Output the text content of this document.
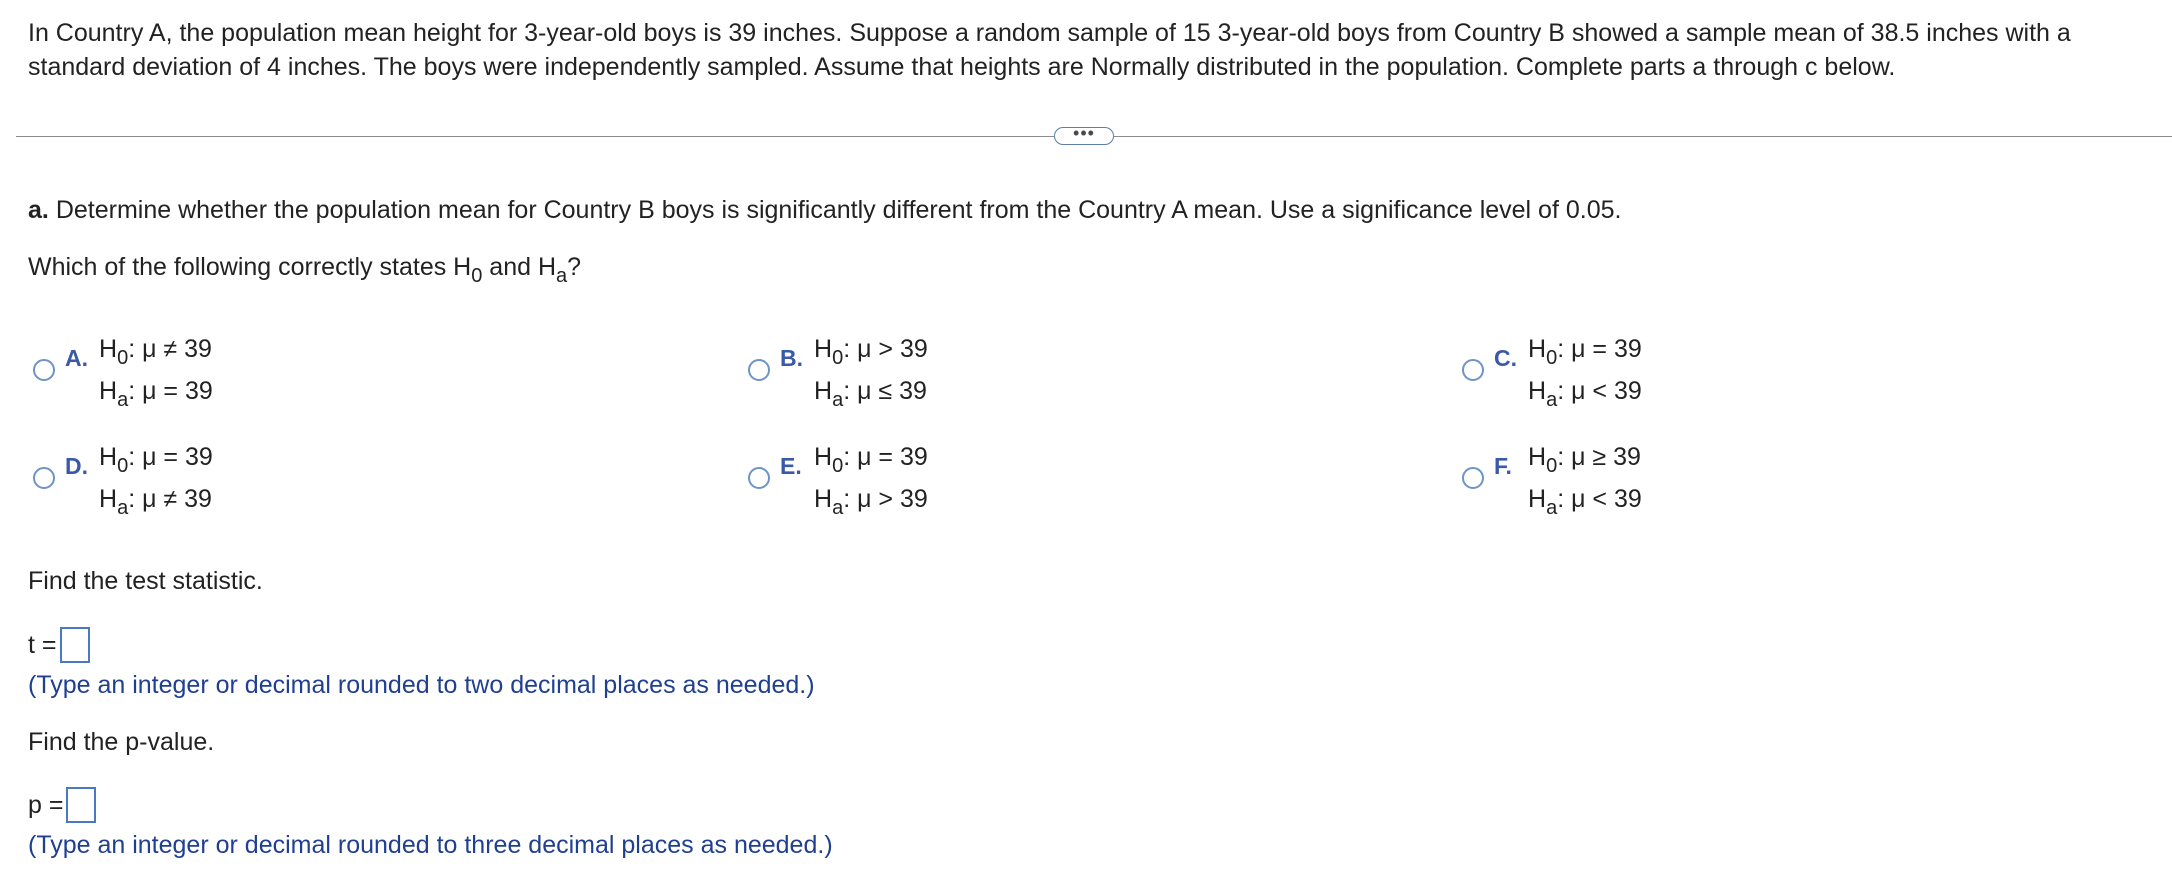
In Country A, the population mean height for 3-year-old boys is 39 inches. Suppose a random sample of 15 3-year-old boys from Country B showed a sample mean of 38.5 inches with a standard deviation of 4 inches. The boys were independently sampled. Assume that heights are Normally distributed in the population. Complete parts a through c below.

•••

a. Determine whether the population mean for Country B boys is significantly different from the Country A mean. Use a significance level of 0.05.

Which of the following correctly states $H_0$ and $H_a$?

A. $H_0$: μ ≠ 39
$H_a$: μ = 39
B. $H_0$: μ > 39
$H_a$: μ ≤ 39
C. $H_0$: μ = 39
$H_a$: μ < 39
D. $H_0$: μ = 39
$H_a$: μ ≠ 39
E. $H_0$: μ = 39
$H_a$: μ > 39
F. $H_0$: μ ≥ 39
$H_a$: μ < 39

Find the test statistic.

t =

(Type an integer or decimal rounded to two decimal places as needed.)

Find the p-value.

p =

(Type an integer or decimal rounded to three decimal places as needed.)
